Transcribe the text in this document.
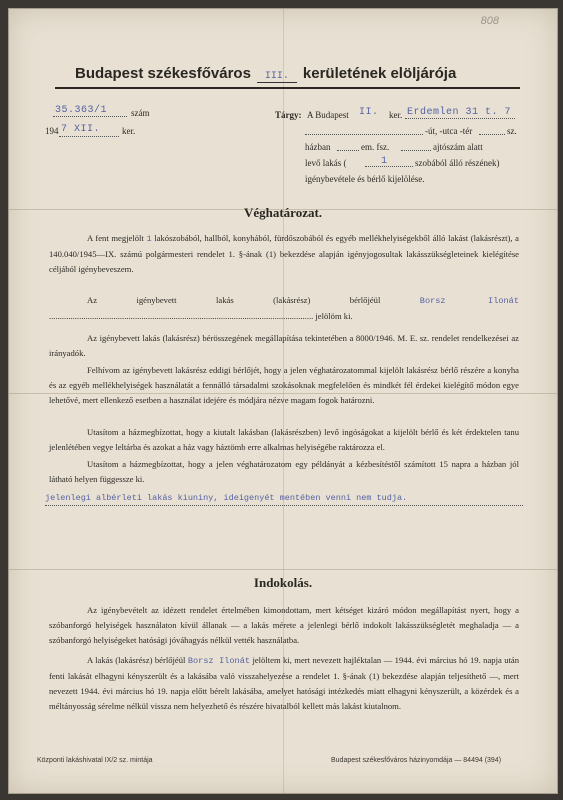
808
Budapest székesfőváros	III. kerületének elöljárója
35.363/1	szám
194 7 XII. ker.
Tárgy: A Budapest II. ker. Erdemlen 31 t. 7
-út, -utca -tér	sz.
házban	em. fsz.	ajtószám alatt
levő lakás (	1	szobából álló részének)
igénybevétele és bérlő kijelölése.
Véghatározat.
A fent megjelölt 1 lakószobából, hallból, konyhából, fürdőszobából és egyéb mellékhelyiségekből álló lakást (lakásrészt), a 140.040/1945—IX. számú polgármesteri rendelet 1. §-ának (1) bekezdése alapján igényjogosultak lakásszükségleteinek kielégítése céljából igénybeveszem.
Az igénybevett lakás (lakásrész) bérlőjéül	Borsz Ilonát ........................................................................................................................... jelölöm ki.
Az igénybevett lakás (lakásrész) bérösszegének megállapítása tekintetében a 8000/1946. M. E. sz. rendelet rendelkezései az irányadók.
Felhívom az igénybevett lakásrész eddigi bérlőjét, hogy a jelen véghatározatommal kijelölt lakásrész bérlő részére a konyha és az egyéb mellékhelyiségek használatát a fennálló társadalmi szokásoknak megfelelően és mindkét fél érdekei kielégítő módon egye lehetővé, mert ellenkező esetben a használat idejére és módjára nézve magam fogok határozni.
Utasítom a házmegbízottat, hogy a kiutalt lakásban (lakásrészben) levő ingóságokat a kijelölt bérlő és két érdektelen tanu jelenlétében vegye leltárba és azokat a ház vagy háztömb erre alkalmas helyiségébe raktározza el.
Utasítom a házmegbízottat, hogy a jelen véghatározatom egy példányát a kézbesítéstől számított 15 napra a házban jól látható helyen függessze ki.
jelenlegi albérleti lakás kiuniny, ideigenyét mentében venni nem tudja.
Indokolás.
Az igénybevételt az idézett rendelet értelmében kimondottam, mert kétséget kizáró módon megállapítást nyert, hogy a szóbanforgó helyiségek használaton kívül állanak — a lakás mérete a jelenlegi bérlő indokolt lakásszükségletét meghaladja — a szóbanforgó helyiségeket hatósági jóváhagyás nélkül vették használatba.
A lakás (lakásrész) bérlőjéül Borsz Ilonát jelöltem ki, mert nevezett hajléktalan — 1944. évi március hó 19. napja után fenti lakását elhagyni kényszerült és a lakásába való visszahelyezése a rendelet 1. §-ának (1) bekezdése alapján teljesíthető —, mert nevezett 1944. évi március hó 19. napja előtt bérelt lakásába, amelyet hatósági intézkedés miatt elhagyni kényszerült, a közérdek és a méltányosság sérelme nélkül vissza nem helyezhető és részére hivatalból kellett más lakást kiutalnom.
Központi lakáshivatal IX/2 sz. mintája	Budapest székesfőváros házinyomdája — 84494 (394)
